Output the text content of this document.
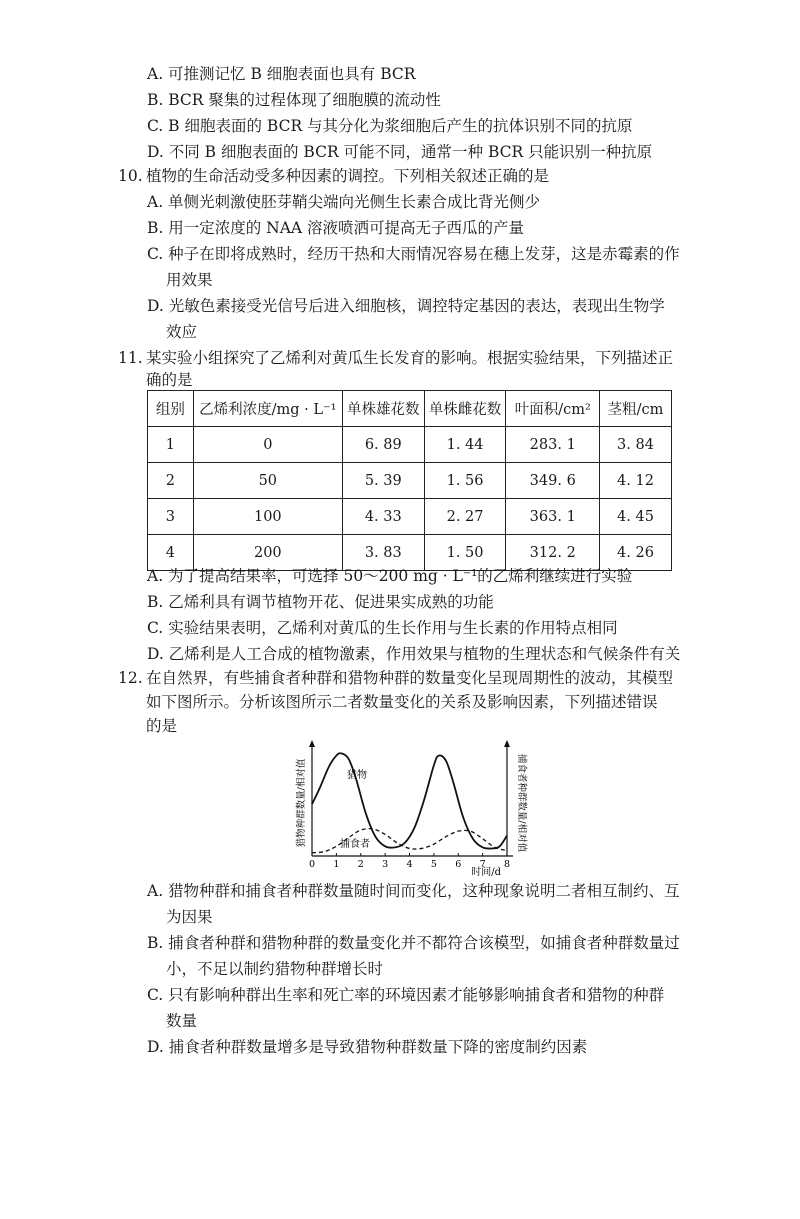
A. 可推测记忆 B 细胞表面也具有 BCR
B. BCR 聚集的过程体现了细胞膜的流动性
C. B 细胞表面的 BCR 与其分化为浆细胞后产生的抗体识别不同的抗原
D. 不同 B 细胞表面的 BCR 可能不同，通常一种 BCR 只能识别一种抗原
10. 植物的生命活动受多种因素的调控。下列相关叙述正确的是
A. 单侧光刺激使胚芽鞘尖端向光侧生长素合成比背光侧少
B. 用一定浓度的 NAA 溶液喷洒可提高无子西瓜的产量
C. 种子在即将成熟时，经历干热和大雨情况容易在穗上发芽，这是赤霉素的作
用效果
D. 光敏色素接受光信号后进入细胞核，调控特定基因的表达，表现出生物学
效应
11. 某实验小组探究了乙烯利对黄瓜生长发育的影响。根据实验结果，下列描述正
确的是
组别	乙烯利浓度/mg · L⁻¹	单株雄花数	单株雌花数	叶面积/cm²	茎粗/cm
1	0	6. 89	1. 44	283. 1	3. 84
2	50	5. 39	1. 56	349. 6	4. 12
3	100	4. 33	2. 27	363. 1	4. 45
4	200	3. 83	1. 50	312. 2	4. 26
A. 为了提高结果率，可选择 50～200 mg · L⁻¹的乙烯利继续进行实验
B. 乙烯利具有调节植物开花、促进果实成熟的功能
C. 实验结果表明，乙烯利对黄瓜的生长作用与生长素的作用特点相同
D. 乙烯利是人工合成的植物激素，作用效果与植物的生理状态和气候条件有关
12. 在自然界，有些捕食者种群和猎物种群的数量变化呈现周期性的波动，其模型
如下图所示。分析该图所示二者数量变化的关系及影响因素，下列描述错误
的是
0 1 2 3 4 5 6 7 8
猎物
捕食者
时间/d
猎物种群数量/相对值	捕食者种群数量/相对值
A. 猎物种群和捕食者种群数量随时间而变化，这种现象说明二者相互制约、互
为因果
B. 捕食者种群和猎物种群的数量变化并不都符合该模型，如捕食者种群数量过
小，不足以制约猎物种群增长时
C. 只有影响种群出生率和死亡率的环境因素才能够影响捕食者和猎物的种群
数量
D. 捕食者种群数量增多是导致猎物种群数量下降的密度制约因素
